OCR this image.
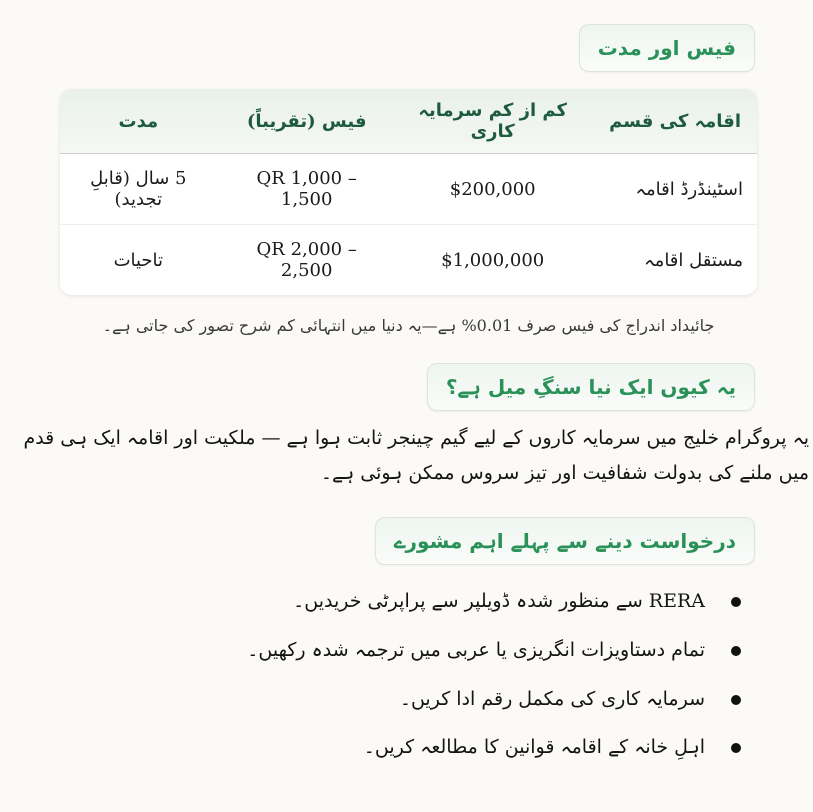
فیس اور مدت
اقامہ کی قسم	کم از کم سرمایہ کاری	فیس (تقریباً)	مدت
اسٹینڈرڈ اقامہ	$200,000	QR 1,000 – 1,500	5 سال (قابلِ تجدید)
مستقل اقامہ	$1,000,000	QR 2,000 – 2,500	تاحیات
جائیداد اندراج کی فیس صرف 0.01% ہے—یہ دنیا میں انتہائی کم شرح تصور کی جاتی ہے۔
یہ کیوں ایک نیا سنگِ میل ہے؟

یہ پروگرام خلیج میں سرمایہ کاروں کے لیے گیم چینجر ثابت ہوا ہے — ملکیت اور اقامہ ایک ہی قدم میں ملنے کی بدولت شفافیت اور تیز سروس ممکن ہوئی ہے۔

درخواست دینے سے پہلے اہم مشورے
RERA سے منظور شدہ ڈویلپر سے پراپرٹی خریدیں۔
تمام دستاویزات انگریزی یا عربی میں ترجمہ شدہ رکھیں۔
سرمایہ کاری کی مکمل رقم ادا کریں۔
اہلِ خانہ کے اقامہ قوانین کا مطالعہ کریں۔
